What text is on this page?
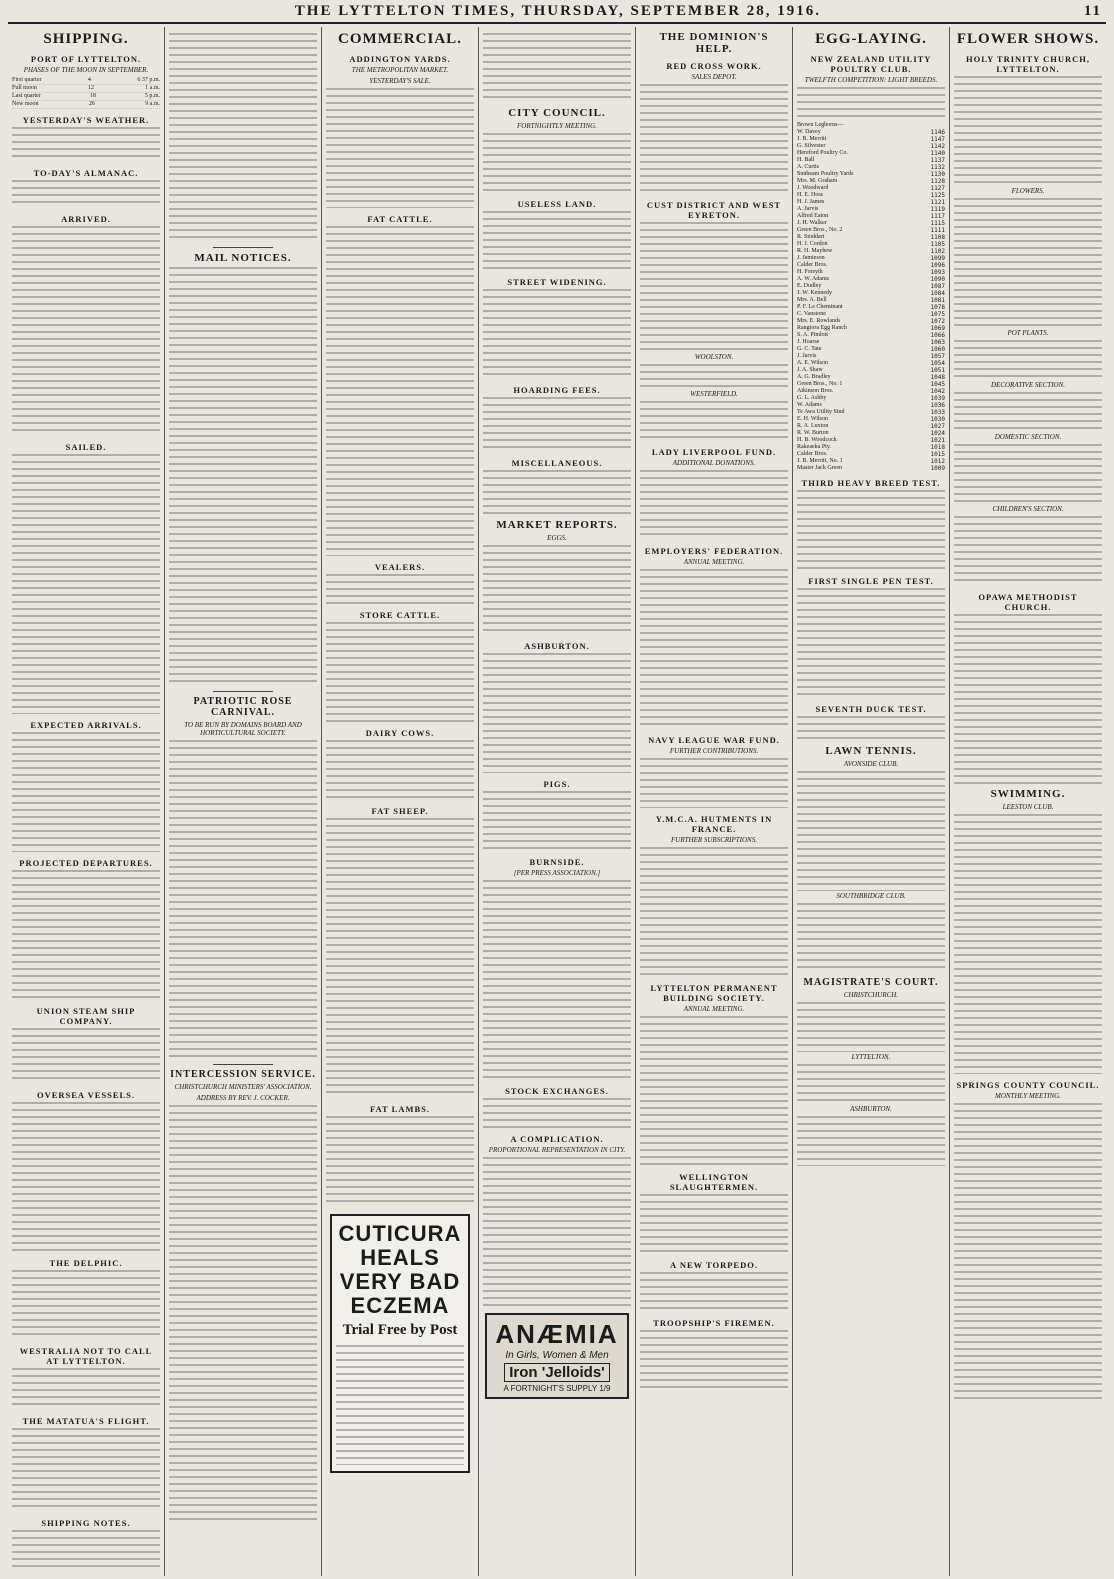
THE LYTTELTON TIMES, THURSDAY, SEPTEMBER 28, 1916.	11
SHIPPING.
PORT OF LYTTELTON.
PHASES OF THE MOON IN SEPTEMBER.
First quarter	4	6 37 p.m.
Full moon	12	1 a.m.
Last quarter	18	5 p.m.
New moon	26	9 a.m.
YESTERDAY'S WEATHER.
TO-DAY'S ALMANAC.
ARRIVED.
SAILED.
EXPECTED ARRIVALS.
PROJECTED DEPARTURES.
UNION STEAM SHIP COMPANY.
OVERSEA VESSELS.
THE DELPHIC.
WESTRALIA NOT TO CALL AT LYTTELTON.
THE MATATUA'S FLIGHT.
SHIPPING NOTES.
MAIL NOTICES.
PATRIOTIC ROSE CARNIVAL.
TO BE RUN BY DOMAINS BOARD AND HORTICULTURAL SOCIETY.
INTERCESSION SERVICE.
CHRISTCHURCH MINISTERS' ASSOCIATION.
ADDRESS BY REV. J. COCKER.
COMMERCIAL.
ADDINGTON YARDS.
THE METROPOLITAN MARKET.
YESTERDAY'S SALE.
FAT CATTLE.
VEALERS.
STORE CATTLE.
DAIRY COWS.
FAT SHEEP.
FAT LAMBS.
CUTICURA HEALS VERY BAD ECZEMA
Trial Free by Post
CITY COUNCIL.
FORTNIGHTLY MEETING.
USELESS LAND.
STREET WIDENING.
HOARDING FEES.
MISCELLANEOUS.
MARKET REPORTS.
EGGS.
ASHBURTON.
PIGS.
BURNSIDE.
[PER PRESS ASSOCIATION.]
STOCK EXCHANGES.
A COMPLICATION.
PROPORTIONAL REPRESENTATION IN CITY.
ANÆMIA
In Girls, Women & Men
Iron 'Jelloids'
A FORTNIGHT'S SUPPLY 1/9
THE DOMINION'S HELP.
RED CROSS WORK.
SALES DEPOT.
CUST DISTRICT AND WEST EYRETON.
WOOLSTON.
WESTERFIELD.
LADY LIVERPOOL FUND.
ADDITIONAL DONATIONS.
EMPLOYERS' FEDERATION.
ANNUAL MEETING.
NAVY LEAGUE WAR FUND.
FURTHER CONTRIBUTIONS.
Y.M.C.A. HUTMENTS IN FRANCE.
FURTHER SUBSCRIPTIONS.
LYTTELTON PERMANENT BUILDING SOCIETY.
ANNUAL MEETING.
WELLINGTON SLAUGHTERMEN.
A NEW TORPEDO.
TROOPSHIP'S FIREMEN.
EGG-LAYING.
NEW ZEALAND UTILITY POULTRY CLUB.
TWELFTH COMPETITION: LIGHT BREEDS.
Brown Leghorns—	
W. Davey	1146
J. B. Merritt	1147
G. Silvester	1142
Hereford Poultry Co.	1140
H. Ball	1137
A. Curtis	1132
Sunbeam Poultry Yards	1130
Mrs. M. Graham	1128
J. Woodward	1127
H. E. Hoss	1125
H. J. James	1121
A. Jarvis	1119
Alfred Eaton	1117
J. H. Walker	1115
Green Bros., No. 2	1111
R. Stoddart	1108
H. J. Cordon	1105
R. H. Mayhew	1102
J. Jamieson	1099
Calder Bros.	1096
H. Forsyth	1093
A. W. Adams	1090
E. Dudley	1087
J. W. Kennedy	1084
Mrs. A. Bell	1081
P. F. Le Cheminant	1078
C. Vanstone	1075
Mrs. E. Rowlands	1072
Rangiora Egg Ranch	1069
S. A. Pimlott	1066
J. Hoarse	1063
G. C. Tate	1060
J. Jarvis	1057
A. E. Wilson	1054
J. A. Shaw	1051
A. G. Bradley	1048
Green Bros., No. 1	1045
Atkinson Bros.	1042
G. L. Ashby	1039
W. Adams	1036
Te Awa Utility Stud	1033
E. H. Wilson	1030
R. A. Luxton	1027
R. W. Burton	1024
H. B. Woodcock	1021
Rakeaeka Pty.	1018
Calder Bros.	1015
J. B. Merritt, No. 1	1012
Master Jack Green	1009
THIRD HEAVY BREED TEST.
FIRST SINGLE PEN TEST.
SEVENTH DUCK TEST.
LAWN TENNIS.
AVONSIDE CLUB.
SOUTHBRIDGE CLUB.
MAGISTRATE'S COURT.
CHRISTCHURCH.
LYTTELTON.
ASHBURTON.
FLOWER SHOWS.
HOLY TRINITY CHURCH, LYTTELTON.
FLOWERS.
POT PLANTS.
DECORATIVE SECTION.
DOMESTIC SECTION.
CHILDREN'S SECTION.
OPAWA METHODIST CHURCH.
SWIMMING.
LEESTON CLUB.
SPRINGS COUNTY COUNCIL.
MONTHLY MEETING.
